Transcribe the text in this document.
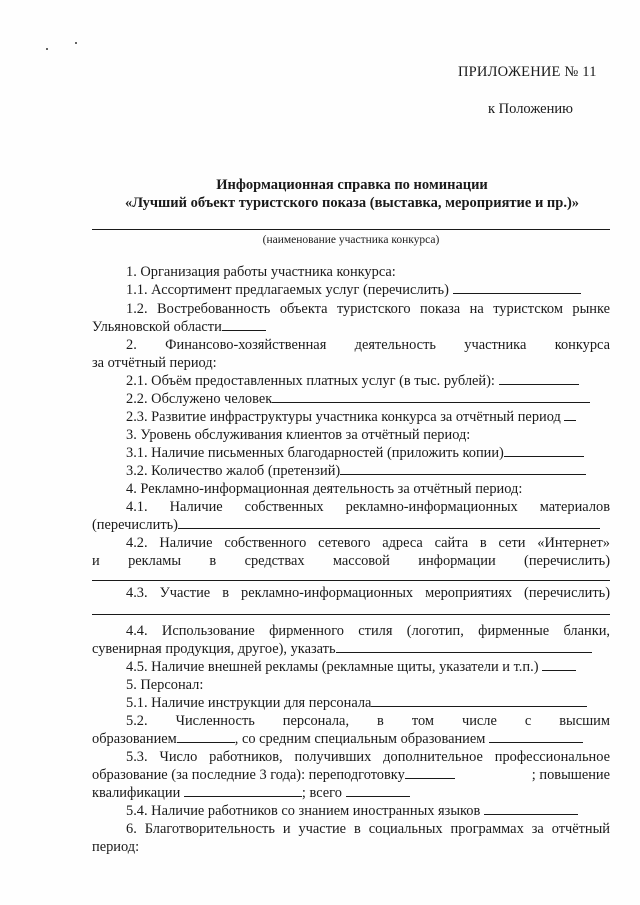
ПРИЛОЖЕНИЕ № 11
к Положению
Информационная справка по номинации
«Лучший объект туристского показа (выставка, мероприятие и пр.)»
(наименование участника конкурса)
1. Организация работы участника конкурса:
1.1. Ассортимент предлагаемых услуг (перечислить)
1.2. Востребованность объекта туристского показа на туристском рынке
Ульяновской области
2. Финансово-хозяйственная деятельность участника конкурса
за отчётный период:
2.1. Объём предоставленных платных услуг (в тыс. рублей):
2.2. Обслужено человек
2.3. Развитие инфраструктуры участника конкурса за отчётный период
3. Уровень обслуживания клиентов за отчётный период:
3.1. Наличие письменных благодарностей (приложить копии)
3.2. Количество жалоб (претензий)
4. Рекламно-информационная деятельность за отчётный период:
4.1. Наличие собственных рекламно-информационных материалов
(перечислить)
4.2. Наличие собственного сетевого адреса сайта в сети «Интернет»
и рекламы в средствах массовой информации (перечислить)
4.3. Участие в рекламно-информационных мероприятиях (перечислить)
4.4. Использование фирменного стиля (логотип, фирменные бланки,
сувенирная продукция, другое), указать
4.5. Наличие внешней рекламы (рекламные щиты, указатели и т.п.)
5. Персонал:
5.1. Наличие инструкции для персонала
5.2. Численность персонала, в том числе с высшим
образованием	, со средним специальным образованием
5.3. Число работников, получивших дополнительное профессиональное
образование (за последние 3 года): переподготовку	; повышение
квалификации	; всего
5.4. Наличие работников со знанием иностранных языков
6. Благотворительность и участие в социальных программах за отчётный
период:
